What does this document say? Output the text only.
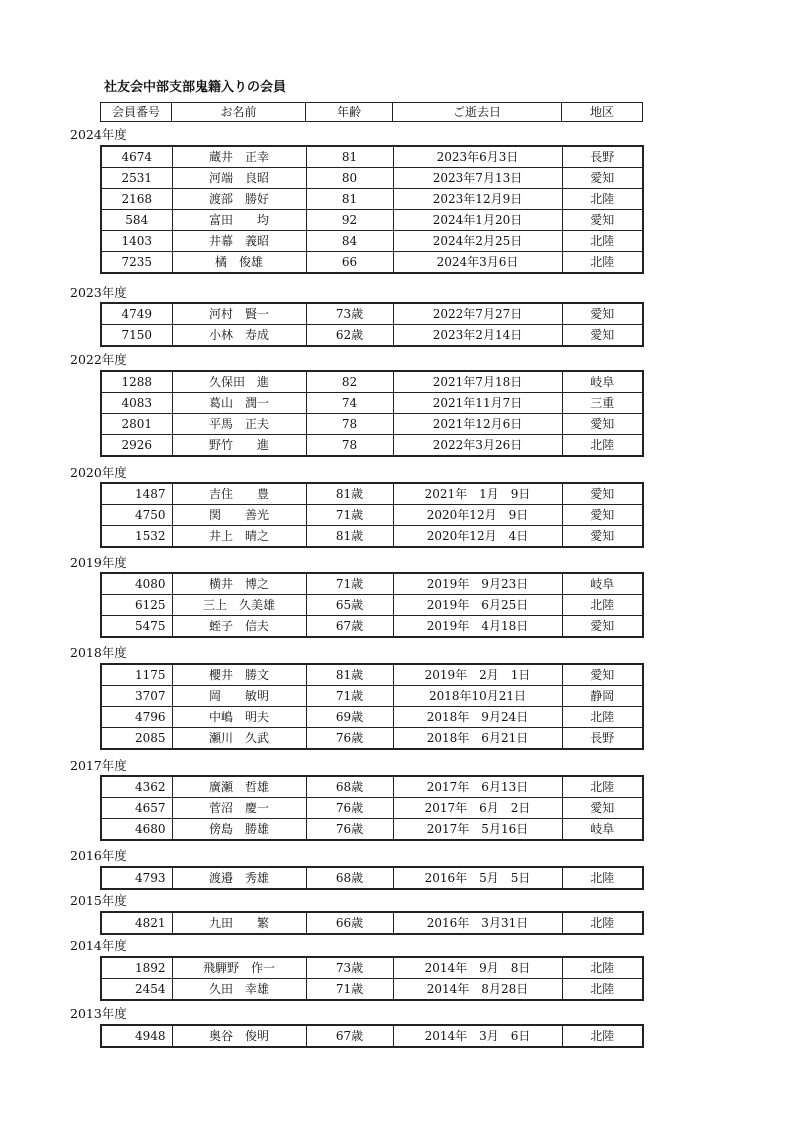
社友会中部支部鬼籍入りの会員
会員番号	お名前	年齢	ご逝去日	地区
2024年度
4674	蔵井　正幸	81	2023年6月3日	長野
2531	河端　良昭	80	2023年7月13日	愛知
2168	渡部　勝好	81	2023年12月9日	北陸
584	富田　　均	92	2024年1月20日	愛知
1403	井幕　義昭	84	2024年2月25日	北陸
7235	橘　俊雄	66	2024年3月6日	北陸
2023年度
4749	河村　賢一	73歳	2022年7月27日	愛知
7150	小林　寿成	62歳	2023年2月14日	愛知
2022年度
1288	久保田　進	82	2021年7月18日	岐阜
4083	葛山　潤一	74	2021年11月7日	三重
2801	平馬　正夫	78	2021年12月6日	愛知
2926	野竹　　進	78	2022年3月26日	北陸
2020年度
1487	吉住　　豊	81歳	2021年　1月　9日	愛知
4750	関　　善光	71歳	2020年12月　9日	愛知
1532	井上　晴之	81歳	2020年12月　4日	愛知
2019年度
4080	横井　博之	71歳	2019年　9月23日	岐阜
6125	三上　久美雄	65歳	2019年　6月25日	北陸
5475	蛭子　信夫	67歳	2019年　4月18日	愛知
2018年度
1175	櫻井　勝文	81歳	2019年　2月　1日	愛知
3707	岡　　敏明	71歳	2018年10月21日	静岡
4796	中嶋　明夫	69歳	2018年　9月24日	北陸
2085	瀬川　久武	76歳	2018年　6月21日	長野
2017年度
4362	廣瀬　哲雄	68歳	2017年　6月13日	北陸
4657	菅沼　慶一	76歳	2017年　6月　2日	愛知
4680	傍島　勝雄	76歳	2017年　5月16日	岐阜
2016年度
4793	渡邉　秀雄	68歳	2016年　5月　5日	北陸
2015年度
4821	九田　　繁	66歳	2016年　3月31日	北陸
2014年度
1892	飛騨野　作一	73歳	2014年　9月　8日	北陸
2454	久田　幸雄	71歳	2014年　8月28日	北陸
2013年度
4948	奥谷　俊明	67歳	2014年　3月　6日	北陸
